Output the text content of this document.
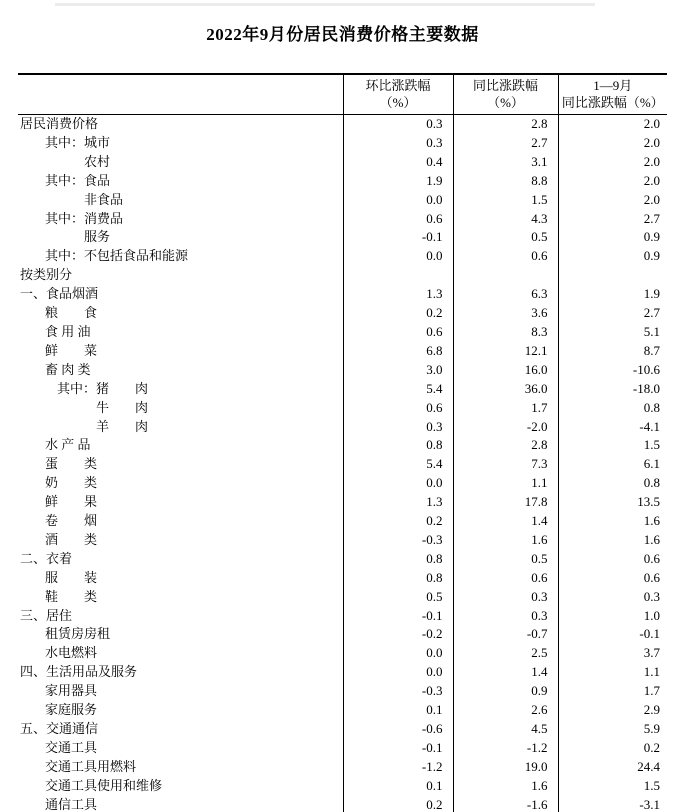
2022年9月份居民消费价格主要数据

环比涨跌幅
（%）

同比涨跌幅
（%）

1—9月
同比涨跌幅（%）

居民消费价格	0.3	2.8	2.0
其中：城市	0.3	2.7	2.0
　　　农村	0.4	3.1	2.0
其中：食品	1.9	8.8	2.0
　　　非食品	0.0	1.5	2.0
其中：消费品	0.6	4.3	2.7
　　　服务	-0.1	0.5	0.9
其中：不包括食品和能源	0.0	0.6	0.9
按类别分			
一、食品烟酒	1.3	6.3	1.9
粮　　食	0.2	3.6	2.7
食 用 油	0.6	8.3	5.1
鲜　　菜	6.8	12.1	8.7
畜 肉 类	3.0	16.0	-10.6
其中：猪　　肉	5.4	36.0	-18.0
　　　牛　　肉	0.6	1.7	0.8
　　　羊　　肉	0.3	-2.0	-4.1
水 产 品	0.8	2.8	1.5
蛋　　类	5.4	7.3	6.1
奶　　类	0.0	1.1	0.8
鲜　　果	1.3	17.8	13.5
卷　　烟	0.2	1.4	1.6
酒　　类	-0.3	1.6	1.6
二、衣着	0.8	0.5	0.6
服　　装	0.8	0.6	0.6
鞋　　类	0.5	0.3	0.3
三、居住	-0.1	0.3	1.0
租赁房房租	-0.2	-0.7	-0.1
水电燃料	0.0	2.5	3.7
四、生活用品及服务	0.0	1.4	1.1
家用器具	-0.3	0.9	1.7
家庭服务	0.1	2.6	2.9
五、交通通信	-0.6	4.5	5.9
交通工具	-0.1	-1.2	0.2
交通工具用燃料	-1.2	19.0	24.4
交通工具使用和维修	0.1	1.6	1.5
通信工具	0.2	-1.6	-3.1
